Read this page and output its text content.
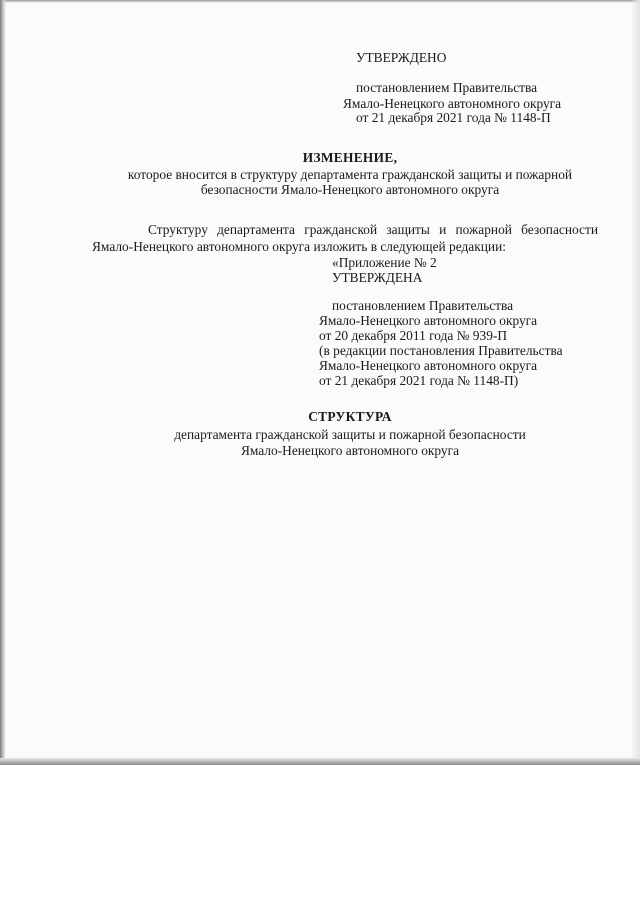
УТВЕРЖДЕНО
постановлением Правительства
Ямало-Ненецкого автономного округа
от 21 декабря 2021 года № 1148-П
ИЗМЕНЕНИЕ,
которое вносится в структуру департамента гражданской защиты и пожарной
безопасности Ямало-Ненецкого автономного округа
Структуру департамента гражданской защиты и пожарной безопасности Ямало-Ненецкого автономного округа изложить в следующей редакции:
«Приложение № 2
УТВЕРЖДЕНА
постановлением Правительства
Ямало-Ненецкого автономного округа
от 20 декабря 2011 года № 939-П
(в редакции постановления Правительства
Ямало-Ненецкого автономного округа
от 21 декабря 2021 года № 1148-П)
СТРУКТУРА
департамента гражданской защиты и пожарной безопасности
Ямало-Ненецкого автономного округа
